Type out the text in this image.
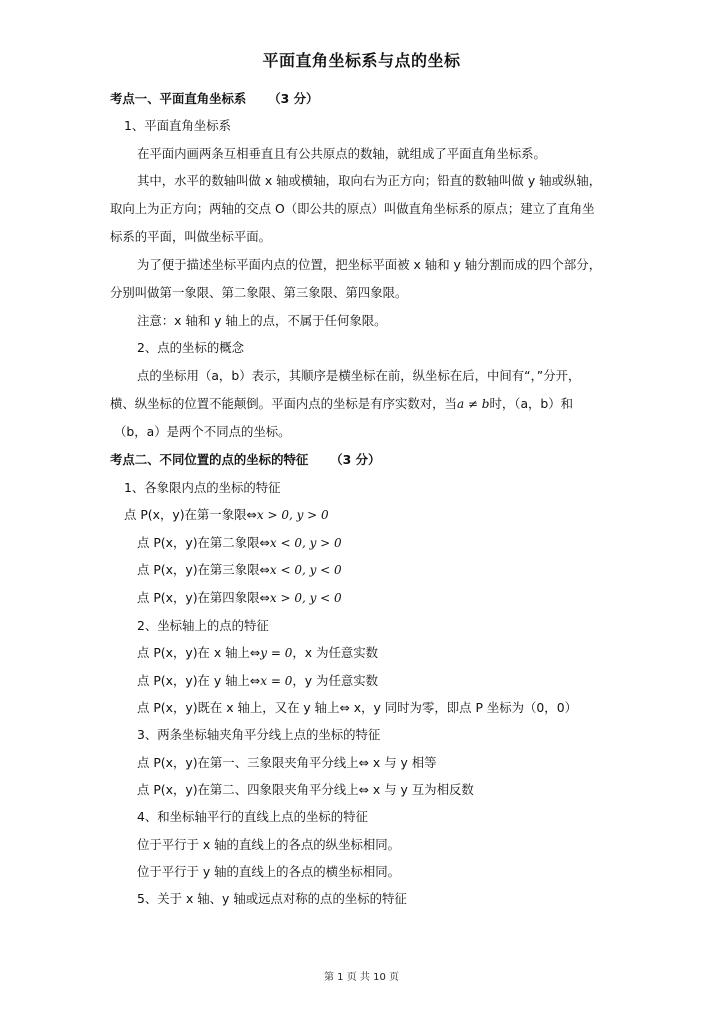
平面直角坐标系与点的坐标
考点一、平面直角坐标系 （3 分）
1、平面直角坐标系
在平面内画两条互相垂直且有公共原点的数轴，就组成了平面直角坐标系。
其中，水平的数轴叫做 x 轴或横轴，取向右为正方向；铅直的数轴叫做 y 轴或纵轴，
取向上为正方向；两轴的交点 O（即公共的原点）叫做直角坐标系的原点；建立了直角坐
标系的平面，叫做坐标平面。
为了便于描述坐标平面内点的位置，把坐标平面被 x 轴和 y 轴分割而成的四个部分，
分别叫做第一象限、第二象限、第三象限、第四象限。
注意：x 轴和 y 轴上的点，不属于任何象限。
2、点的坐标的概念
点的坐标用（a，b）表示，其顺序是横坐标在前，纵坐标在后，中间有“，”分开，
横、纵坐标的位置不能颠倒。平面内点的坐标是有序实数对，当a ≠ b时，（a，b）和
（b，a）是两个不同点的坐标。
考点二、不同位置的点的坐标的特征 （3 分）
1、各象限内点的坐标的特征
点 P(x，y)在第一象限⇔x > 0, y > 0
点 P(x，y)在第二象限⇔x < 0, y > 0
点 P(x，y)在第三象限⇔x < 0, y < 0
点 P(x，y)在第四象限⇔x > 0, y < 0
2、坐标轴上的点的特征
点 P(x，y)在 x 轴上⇔y = 0，x 为任意实数
点 P(x，y)在 y 轴上⇔x = 0，y 为任意实数
点 P(x，y)既在 x 轴上，又在 y 轴上⇔ x，y 同时为零，即点 P 坐标为（0，0）
3、两条坐标轴夹角平分线上点的坐标的特征
点 P(x，y)在第一、三象限夹角平分线上⇔ x 与 y 相等
点 P(x，y)在第二、四象限夹角平分线上⇔ x 与 y 互为相反数
4、和坐标轴平行的直线上点的坐标的特征
位于平行于 x 轴的直线上的各点的纵坐标相同。
位于平行于 y 轴的直线上的各点的横坐标相同。
5、关于 x 轴、y 轴或远点对称的点的坐标的特征
第 1 页 共 10 页
